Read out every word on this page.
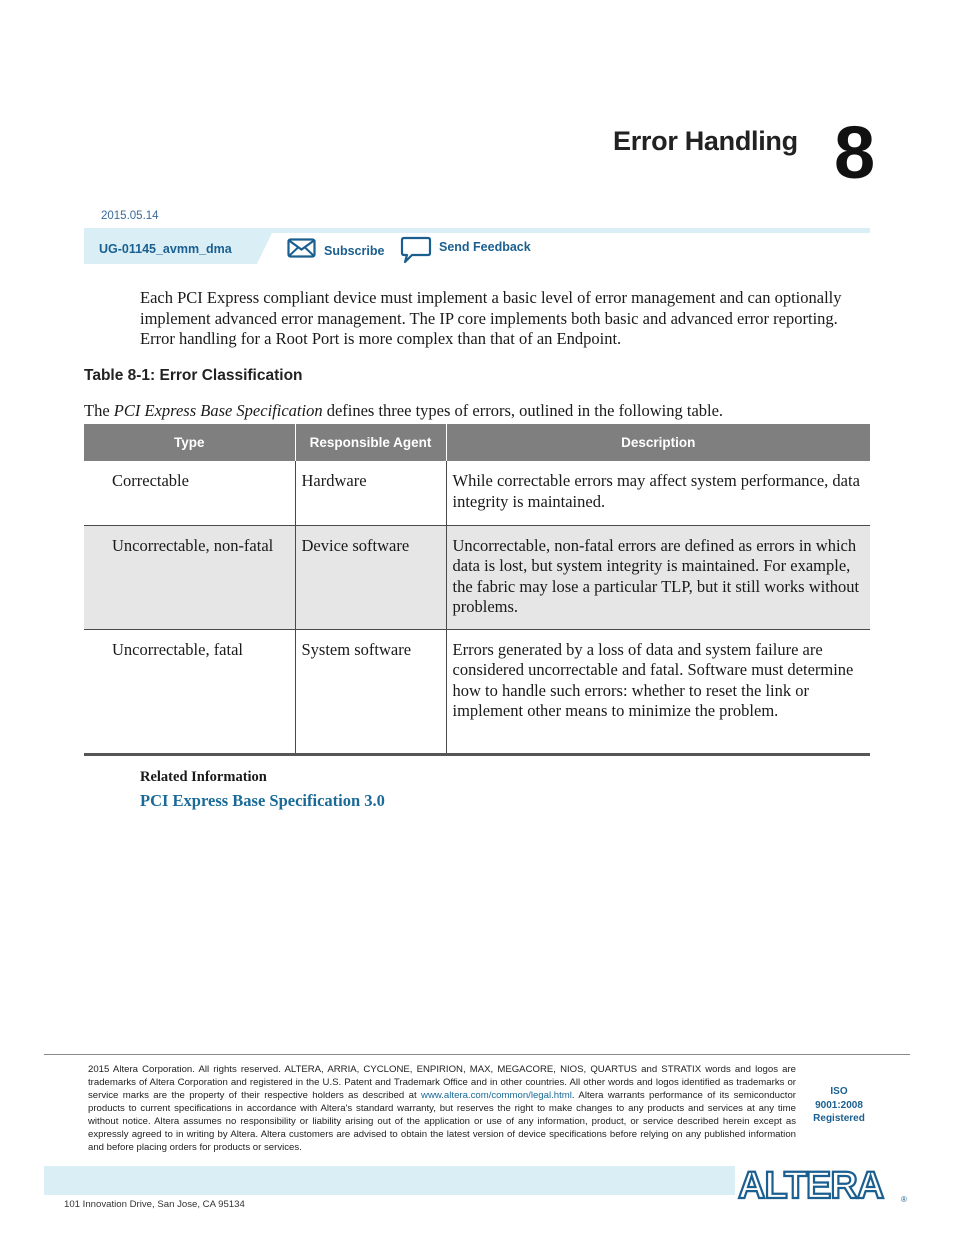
Error Handling 8
2015.05.14
UG-01145_avmm_dma	Subscribe	Send Feedback
Each PCI Express compliant device must implement a basic level of error management and can optionally implement advanced error management. The IP core implements both basic and advanced error reporting. Error handling for a Root Port is more complex than that of an Endpoint.
Table 8-1: Error Classification
The PCI Express Base Specification defines three types of errors, outlined in the following table.
Type	Responsible Agent	Description
Correctable	Hardware	While correctable errors may affect system performance, data integrity is maintained.
Uncorrectable, non-fatal	Device software	Uncorrectable, non-fatal errors are defined as errors in which data is lost, but system integrity is maintained. For example, the fabric may lose a particular TLP, but it still works without problems.
Uncorrectable, fatal	System software	Errors generated by a loss of data and system failure are considered uncorrectable and fatal. Software must determine how to handle such errors: whether to reset the link or implement other means to minimize the problem.
Related Information
PCI Express Base Specification 3.0
2015 Altera Corporation. All rights reserved. ALTERA, ARRIA, CYCLONE, ENPIRION, MAX, MEGACORE, NIOS, QUARTUS and STRATIX words and logos are trademarks of Altera Corporation and registered in the U.S. Patent and Trademark Office and in other countries. All other words and logos identified as trademarks or service marks are the property of their respective holders as described at www.altera.com/common/legal.html. Altera warrants performance of its semiconductor products to current specifications in accordance with Altera's standard warranty, but reserves the right to make changes to any products and services at any time without notice. Altera assumes no responsibility or liability arising out of the application or use of any information, product, or service described herein except as expressly agreed to in writing by Altera. Altera customers are advised to obtain the latest version of device specifications before relying on any published information and before placing orders for products or services.
ISO
9001:2008
Registered
101 Innovation Drive, San Jose, CA 95134	ALTERA ®
